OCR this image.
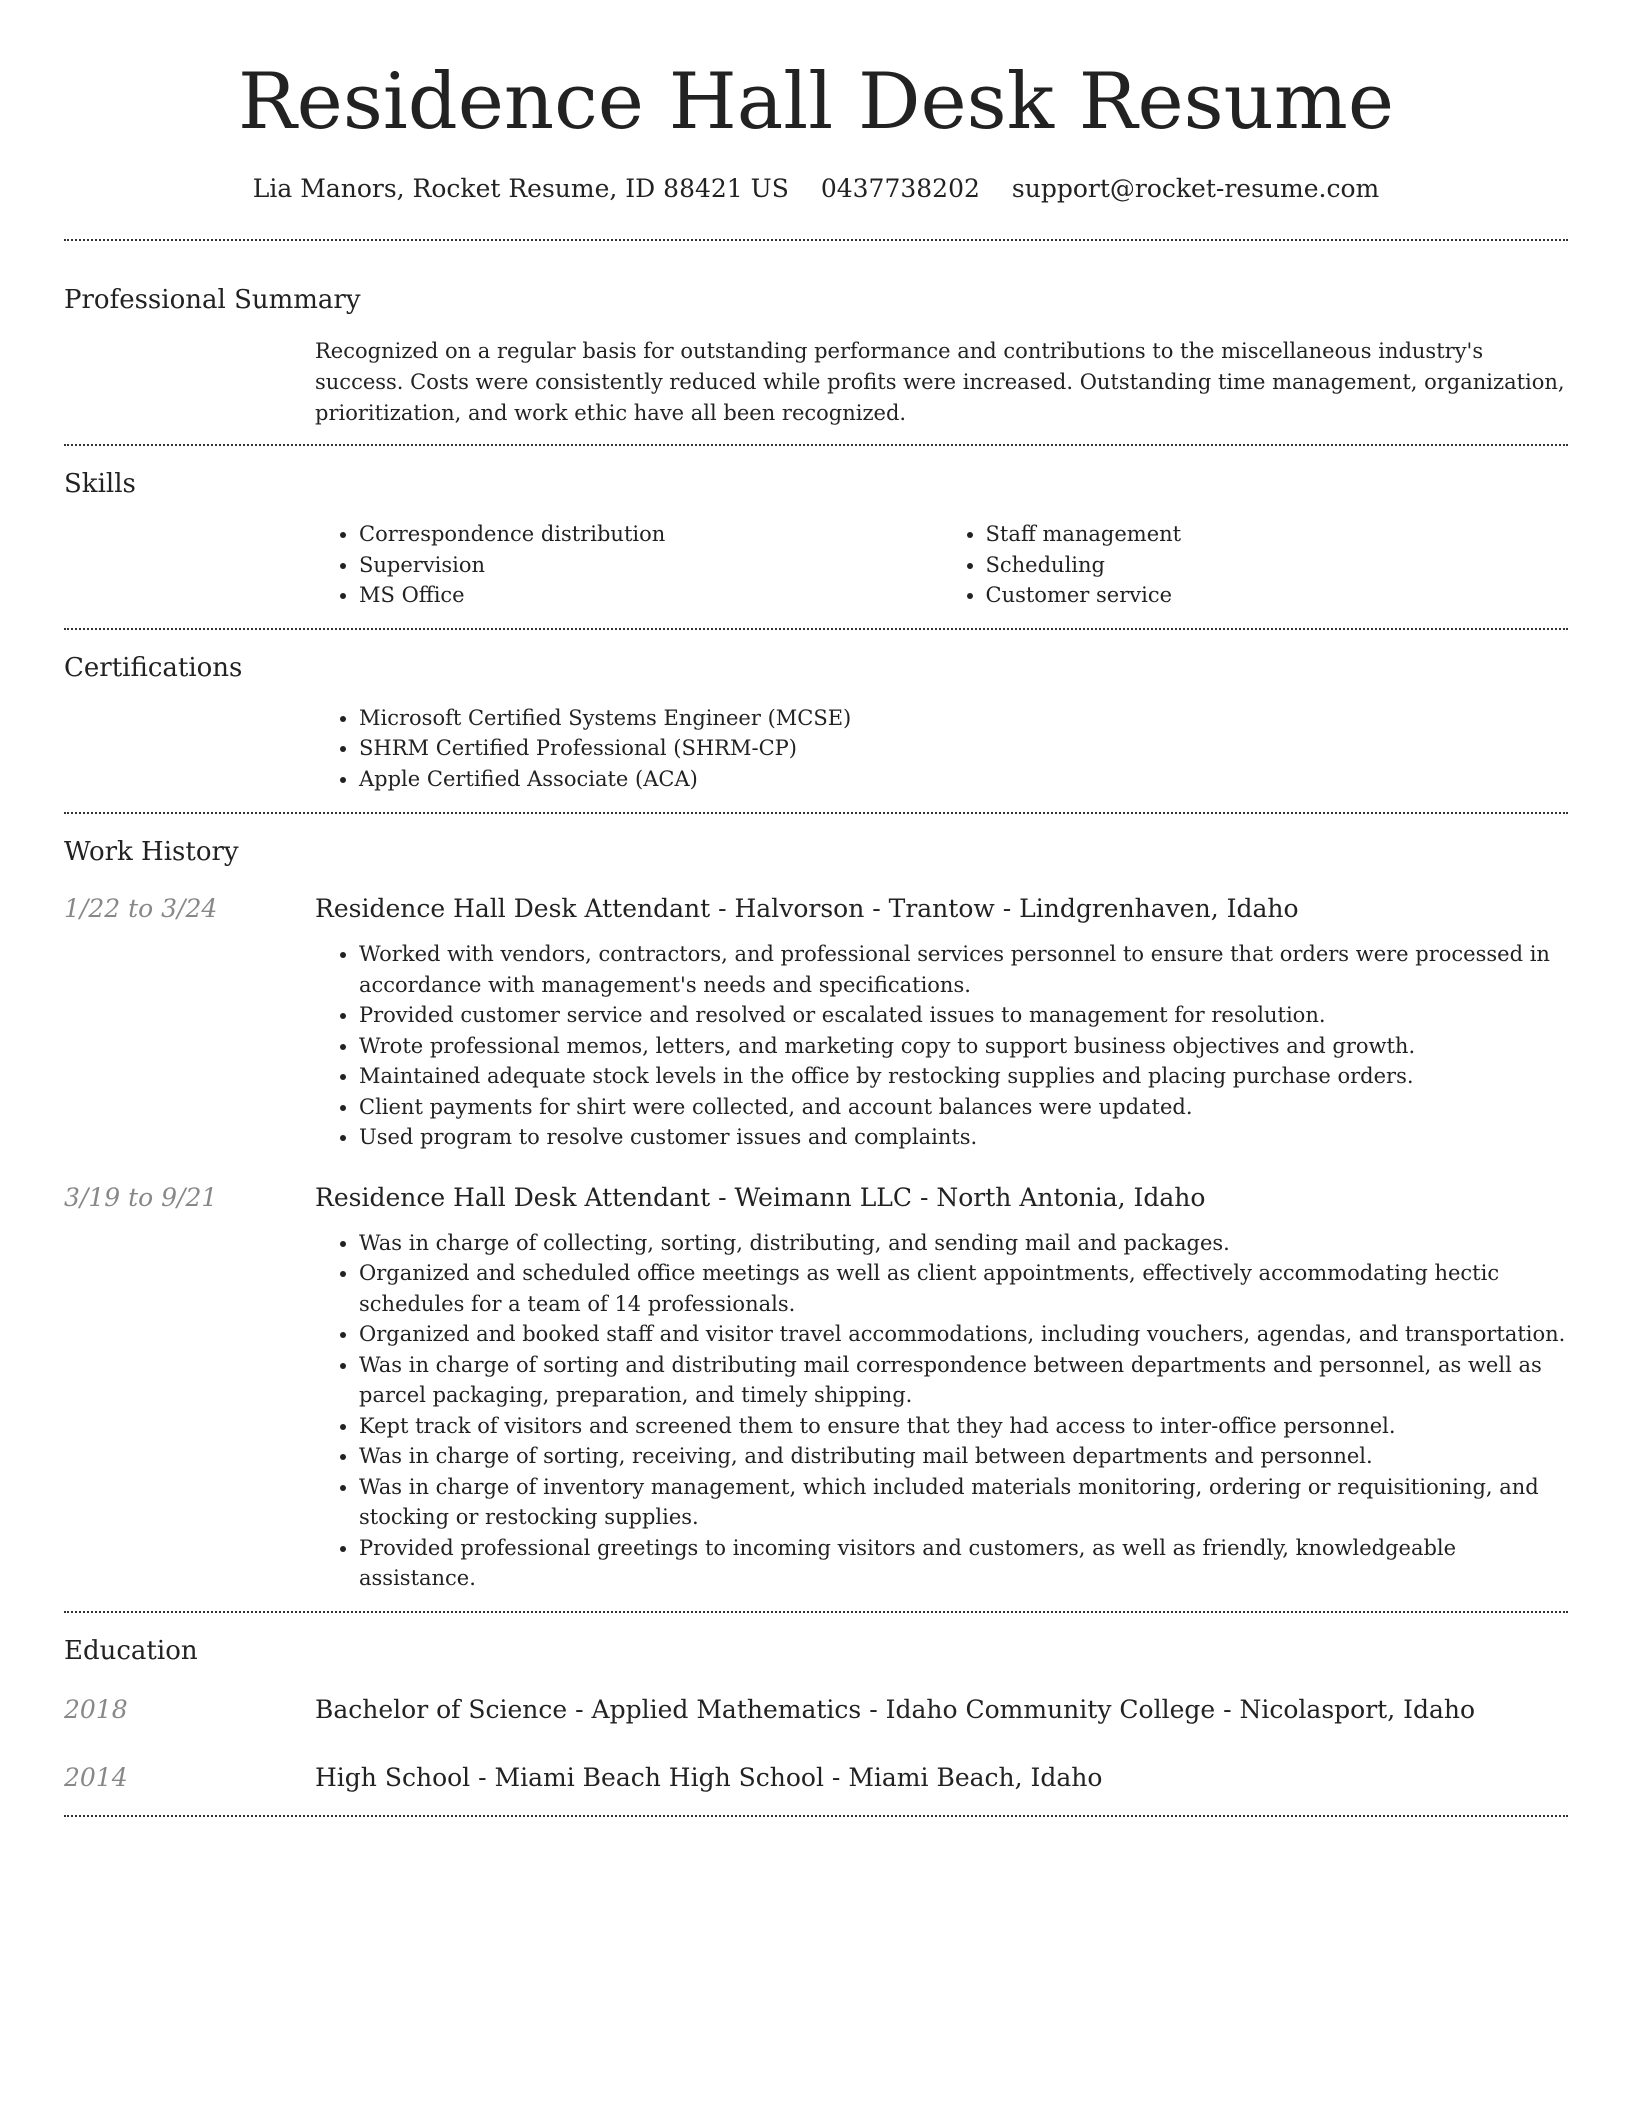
Residence Hall Desk Resume
Lia Manors, Rocket Resume, ID 88421 US 0437738202 support@rocket-resume.com
Professional Summary
Recognized on a regular basis for outstanding performance and contributions to the miscellaneous industry's success. Costs were consistently reduced while profits were increased. Outstanding time management, organization, prioritization, and work ethic have all been recognized.
Skills
• Correspondence distribution
• Supervision
• MS Office
• Staff management
• Scheduling
• Customer service
Certifications
• Microsoft Certified Systems Engineer (MCSE)
• SHRM Certified Professional (SHRM-CP)
• Apple Certified Associate (ACA)
Work History
1/22 to 3/24	Residence Hall Desk Attendant - Halvorson - Trantow - Lindgrenhaven, Idaho
• Worked with vendors, contractors, and professional services personnel to ensure that orders were processed in accordance with management's needs and specifications.
• Provided customer service and resolved or escalated issues to management for resolution.
• Wrote professional memos, letters, and marketing copy to support business objectives and growth.
• Maintained adequate stock levels in the office by restocking supplies and placing purchase orders.
• Client payments for shirt were collected, and account balances were updated.
• Used program to resolve customer issues and complaints.
3/19 to 9/21	Residence Hall Desk Attendant - Weimann LLC - North Antonia, Idaho
• Was in charge of collecting, sorting, distributing, and sending mail and packages.
• Organized and scheduled office meetings as well as client appointments, effectively accommodating hectic schedules for a team of 14 professionals.
• Organized and booked staff and visitor travel accommodations, including vouchers, agendas, and transportation.
• Was in charge of sorting and distributing mail correspondence between departments and personnel, as well as parcel packaging, preparation, and timely shipping.
• Kept track of visitors and screened them to ensure that they had access to inter-office personnel.
• Was in charge of sorting, receiving, and distributing mail between departments and personnel.
• Was in charge of inventory management, which included materials monitoring, ordering or requisitioning, and stocking or restocking supplies.
• Provided professional greetings to incoming visitors and customers, as well as friendly, knowledgeable assistance.
Education
2018	Bachelor of Science - Applied Mathematics - Idaho Community College - Nicolasport, Idaho
2014	High School - Miami Beach High School - Miami Beach, Idaho
